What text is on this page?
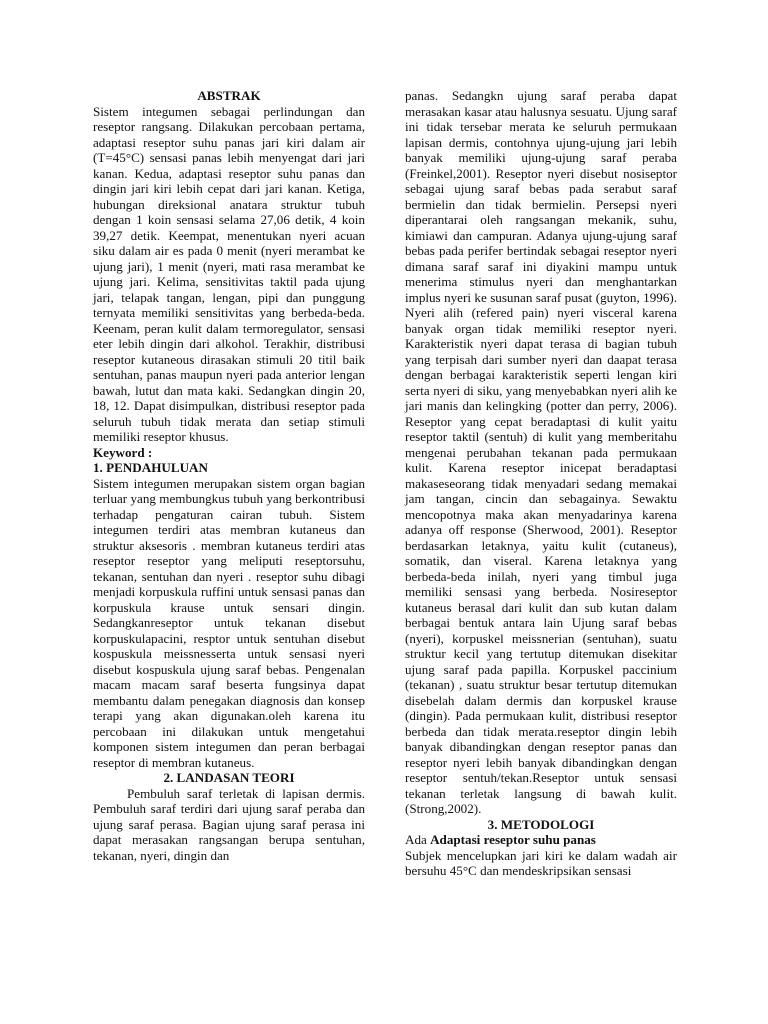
ABSTRAK

Sistem integumen sebagai perlindungan dan reseptor rangsang. Dilakukan percobaan pertama, adaptasi reseptor suhu panas jari kiri dalam air (T=45°C) sensasi panas lebih menyengat dari jari kanan. Kedua, adaptasi reseptor suhu panas dan dingin jari kiri lebih cepat dari jari kanan. Ketiga, hubungan direksional anatara struktur tubuh dengan 1 koin sensasi selama 27,06 detik, 4 koin 39,27 detik. Keempat, menentukan nyeri acuan siku dalam air es pada 0 menit (nyeri merambat ke ujung jari), 1 menit (nyeri, mati rasa merambat ke ujung jari. Kelima, sensitivitas taktil pada ujung jari, telapak tangan, lengan, pipi dan punggung ternyata memiliki sensitivitas yang berbeda-beda. Keenam, peran kulit dalam termoregulator, sensasi eter lebih dingin dari alkohol. Terakhir, distribusi reseptor kutaneous dirasakan stimuli 20 titil baik sentuhan, panas maupun nyeri pada anterior lengan bawah, lutut dan mata kaki. Sedangkan dingin 20, 18, 12. Dapat disimpulkan, distribusi reseptor pada seluruh tubuh tidak merata dan setiap stimuli memiliki reseptor khusus.

Keyword :

1. PENDAHULUAN

Sistem integumen merupakan sistem organ bagian terluar yang membungkus tubuh yang berkontribusi terhadap pengaturan cairan tubuh. Sistem integumen terdiri atas membran kutaneus dan struktur aksesoris . membran kutaneus terdiri atas reseptor reseptor yang meliputi reseptorsuhu, tekanan, sentuhan dan nyeri . reseptor suhu dibagi menjadi korpuskula ruffini untuk sensasi panas dan korpuskula krause untuk sensari dingin. Sedangkanreseptor untuk tekanan disebut korpuskulapacini, resptor untuk sentuhan disebut kospuskula meissnesserta untuk sensasi nyeri disebut kospuskula ujung saraf bebas. Pengenalan macam macam saraf beserta fungsinya dapat membantu dalam penegakan diagnosis dan konsep terapi yang akan digunakan.oleh karena itu percobaan ini dilakukan untuk mengetahui komponen sistem integumen dan peran berbagai reseptor di membran kutaneus.

2. LANDASAN TEORI

Pembuluh saraf terletak di lapisan dermis. Pembuluh saraf terdiri dari ujung saraf peraba dan ujung saraf perasa. Bagian ujung saraf perasa ini dapat merasakan rangsangan berupa sentuhan, tekanan, nyeri, dingin dan

panas. Sedangkn ujung saraf peraba dapat merasakan kasar atau halusnya sesuatu. Ujung saraf ini tidak tersebar merata ke seluruh permukaan lapisan dermis, contohnya ujung-ujung jari lebih banyak memiliki ujung-ujung saraf peraba (Freinkel,2001). Reseptor nyeri disebut nosiseptor sebagai ujung saraf bebas pada serabut saraf bermielin dan tidak bermielin. Persepsi nyeri diperantarai oleh rangsangan mekanik, suhu, kimiawi dan campuran. Adanya ujung-ujung saraf bebas pada perifer bertindak sebagai reseptor nyeri dimana saraf saraf ini diyakini mampu untuk menerima stimulus nyeri dan menghantarkan implus nyeri ke susunan saraf pusat (guyton, 1996). Nyeri alih (refered pain) nyeri visceral karena banyak organ tidak memiliki reseptor nyeri. Karakteristik nyeri dapat terasa di bagian tubuh yang terpisah dari sumber nyeri dan daapat terasa dengan berbagai karakteristik seperti lengan kiri serta nyeri di siku, yang menyebabkan nyeri alih ke jari manis dan kelingking (potter dan perry, 2006). Reseptor yang cepat beradaptasi di kulit yaitu reseptor taktil (sentuh) di kulit yang memberitahu mengenai perubahan tekanan pada permukaan kulit. Karena reseptor inicepat beradaptasi makaseseorang tidak menyadari sedang memakai jam tangan, cincin dan sebagainya. Sewaktu mencopotnya maka akan menyadarinya karena adanya off response (Sherwood, 2001). Reseptor berdasarkan letaknya, yaitu kulit (cutaneus), somatik, dan viseral. Karena letaknya yang berbeda-beda inilah, nyeri yang timbul juga memiliki sensasi yang berbeda. Nosireseptor kutaneus berasal dari kulit dan sub kutan dalam berbagai bentuk antara lain Ujung saraf bebas (nyeri), korpuskel meissnerian (sentuhan), suatu struktur kecil yang tertutup ditemukan disekitar ujung saraf pada papilla. Korpuskel paccinium (tekanan) , suatu struktur besar tertutup ditemukan disebelah dalam dermis dan korpuskel krause (dingin). Pada permukaan kulit, distribusi reseptor berbeda dan tidak merata.reseptor dingin lebih banyak dibandingkan dengan reseptor panas dan reseptor nyeri lebih banyak dibandingkan dengan reseptor sentuh/tekan.Reseptor untuk sensasi tekanan terletak langsung di bawah kulit. (Strong,2002).

3. METODOLOGI

Ada Adaptasi reseptor suhu panas

Subjek mencelupkan jari kiri ke dalam wadah air bersuhu 45°C dan mendeskripsikan sensasi
